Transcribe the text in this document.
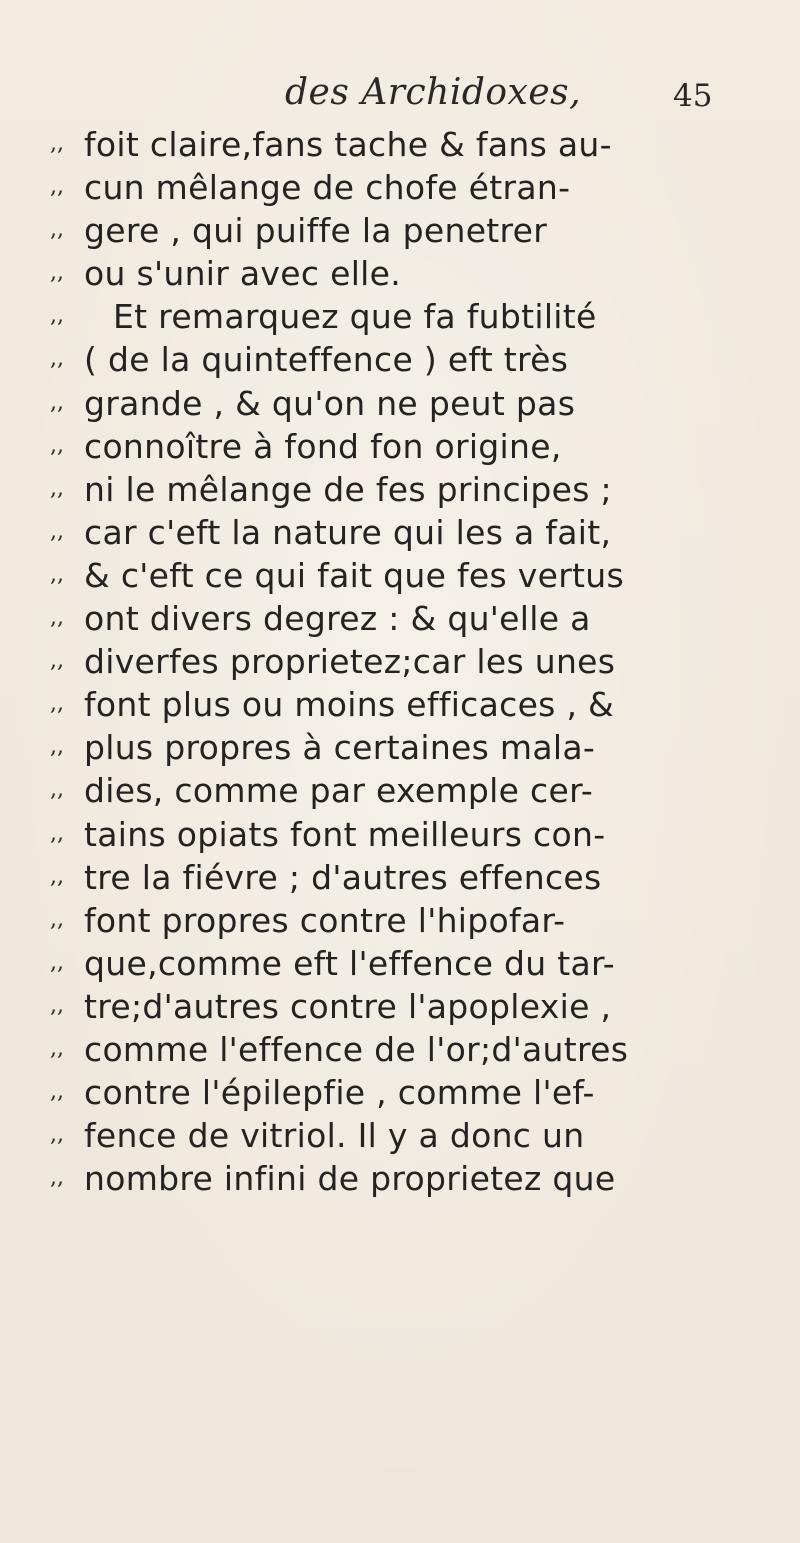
des Archidoxes,	45
,, foit claire,fans tache & fans au-
,, cun mêlange de chofe étran-
,, gere , qui puiffe la penetrer
,, ou s'unir avec elle.
,, Et remarquez que fa fubtilité
,, ( de la quinteffence ) eft très
,, grande , & qu'on ne peut pas
,, connoître à fond fon origine,
,, ni le mêlange de fes principes ;
,, car c'eft la nature qui les a fait,
,, & c'eft ce qui fait que fes vertus
,, ont divers degrez : & qu'elle a
,, diverfes proprietez;car les unes
,, font plus ou moins efficaces , &
,, plus propres à certaines mala-
,, dies, comme par exemple cer-
,, tains opiats font meilleurs con-
,, tre la fiévre ; d'autres effences
,, font propres contre l'hipofar-
,, que,comme eft l'effence du tar-
,, tre;d'autres contre l'apoplexie ,
,, comme l'effence de l'or;d'autres
,, contre l'épilepfie , comme l'ef-
,, fence de vitriol. Il y a donc un
,, nombre infini de proprietez que
